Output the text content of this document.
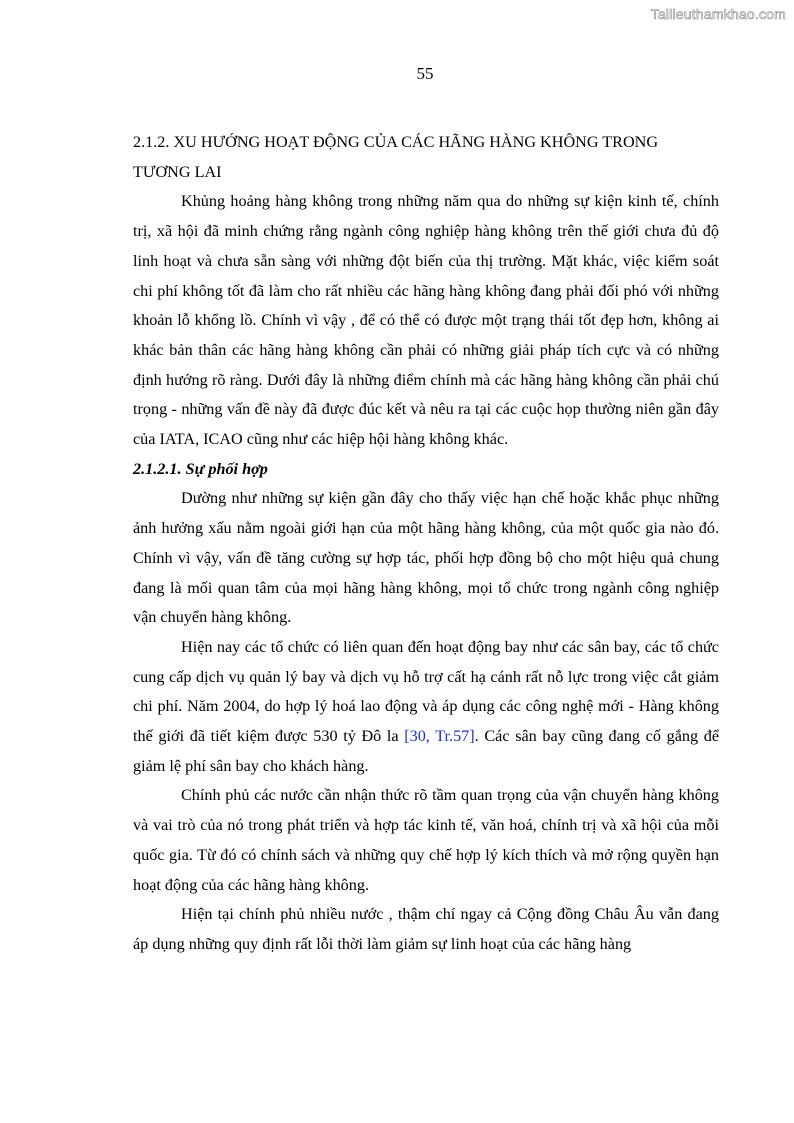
Tailieuthamkhao.com
55

2.1.2. XU HƯỚNG HOẠT ĐỘNG CỦA CÁC HÃNG HÀNG KHÔNG TRONG TƯƠNG LAI

Khủng hoảng hàng không trong những năm qua do những sự kiện kinh tế, chính trị, xã hội đã minh chứng rằng ngành công nghiệp hàng không trên thế giới chưa đủ độ linh hoạt và chưa sẵn sàng với những đột biến của thị trường. Mặt khác, việc kiểm soát chi phí không tốt đã làm cho rất nhiều các hãng hàng không đang phải đối phó với những khoản lỗ khổng lồ. Chính vì vậy , để có thể có được một trạng thái tốt đẹp hơn, không ai khác bản thân các hãng hàng không cần phải có những giải pháp tích cực và có những định hướng rõ ràng. Dưới đây là những điểm chính mà các hãng hàng không cần phải chú trọng - những vấn đề này đã được đúc kết và nêu ra tại các cuộc họp thường niên gần đây của IATA, ICAO cũng như các hiệp hội hàng không khác.

2.1.2.1. Sự phối hợp

Dường như những sự kiện gần đây cho thấy việc hạn chế hoặc khắc phục những ảnh hưởng xấu nằm ngoài giới hạn của một hãng hàng không, của một quốc gia nào đó. Chính vì vậy, vấn đề tăng cường sự hợp tác, phối hợp đồng bộ cho một hiệu quả chung đang là mối quan tâm của mọi hãng hàng không, mọi tổ chức trong ngành công nghiệp vận chuyển hàng không.

Hiện nay các tổ chức có liên quan đến hoạt động bay như các sân bay, các tổ chức cung cấp dịch vụ quản lý bay và dịch vụ hỗ trợ cất hạ cánh rất nỗ lực trong việc cắt giảm chi phí. Năm 2004, do hợp lý hoá lao động và áp dụng các công nghệ mới - Hàng không thế giới đã tiết kiệm được 530 tỷ Đô la [30, Tr.57]. Các sân bay cũng đang cố gắng để giảm lệ phí sân bay cho khách hàng.

Chính phủ các nước cần nhận thức rõ tầm quan trọng của vận chuyển hàng không và vai trò của nó trong phát triển và hợp tác kinh tế, văn hoá, chính trị và xã hội của mỗi quốc gia. Từ đó có chính sách và những quy chế hợp lý kích thích và mở rộng quyền hạn hoạt động của các hãng hàng không.

Hiện tại chính phủ nhiều nước , thậm chí ngay cả Cộng đồng Châu Âu vẫn đang áp dụng những quy định rất lỗi thời làm giảm sự linh hoạt của các hãng hàng
